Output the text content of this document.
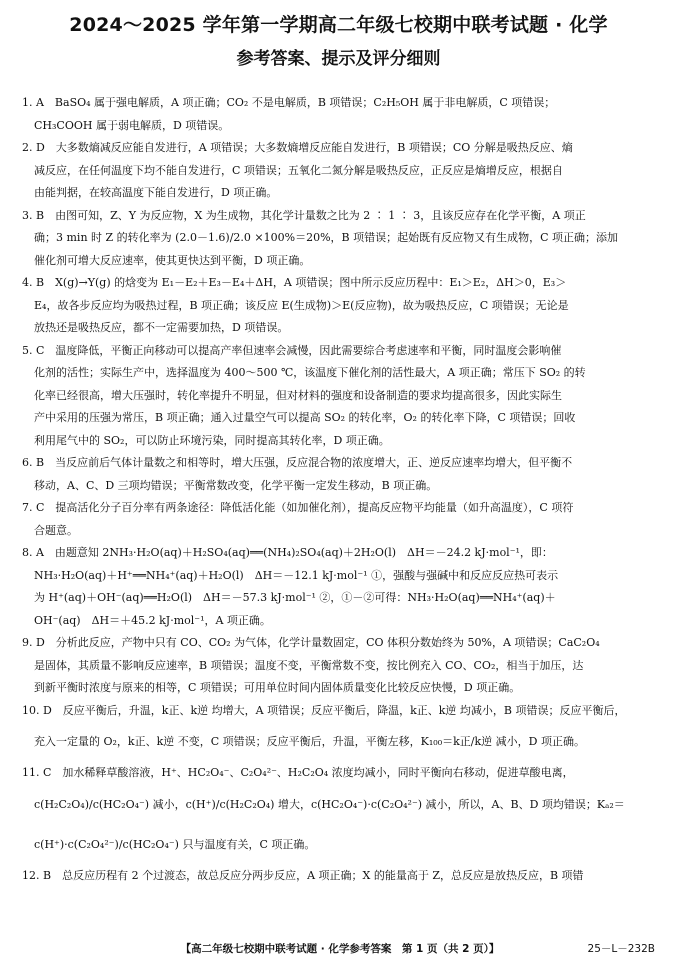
2024～2025 学年第一学期高二年级七校期中联考试题 · 化学
参考答案、提示及评分细则
1. A　BaSO₄ 属于强电解质，A 项正确；CO₂ 不是电解质，B 项错误；C₂H₅OH 属于非电解质，C 项错误；
CH₃COOH 属于弱电解质，D 项错误。
2. D　大多数熵减反应能自发进行，A 项错误；大多数熵增反应能自发进行，B 项错误；CO 分解是吸热反应、熵
减反应，在任何温度下均不能自发进行，C 项错误；五氧化二氮分解是吸热反应，正反应是熵增反应，根据自
由能判据，在较高温度下能自发进行，D 项正确。
3. B　由图可知，Z、Y 为反应物，X 为生成物，其化学计量数之比为 2 ∶ 1 ∶ 3，且该反应存在化学平衡，A 项正
确；3 min 时 Z 的转化率为 (2.0－1.6)/2.0 ×100%＝20%，B 项错误；起始既有反应物又有生成物，C 项正确；添加
催化剂可增大反应速率，使其更快达到平衡，D 项正确。
4. B　X(g)→Y(g) 的焓变为 E₁－E₂＋E₃－E₄＋ΔH，A 项错误；图中所示反应历程中：E₁＞E₂，ΔH＞0，E₃＞
E₄，故各步反应均为吸热过程，B 项正确；该反应 E(生成物)＞E(反应物)，故为吸热反应，C 项错误；无论是
放热还是吸热反应，都不一定需要加热，D 项错误。
5. C　温度降低，平衡正向移动可以提高产率但速率会减慢，因此需要综合考虑速率和平衡，同时温度会影响催
化剂的活性；实际生产中，选择温度为 400～500 ℃，该温度下催化剂的活性最大，A 项正确；常压下 SO₂ 的转
化率已经很高，增大压强时，转化率提升不明显，但对材料的强度和设备制造的要求均提高很多，因此实际生
产中采用的压强为常压，B 项正确；通入过量空气可以提高 SO₂ 的转化率，O₂ 的转化率下降，C 项错误；回收
利用尾气中的 SO₂，可以防止环境污染，同时提高其转化率，D 项正确。
6. B　当反应前后气体计量数之和相等时，增大压强，反应混合物的浓度增大，正、逆反应速率均增大，但平衡不
移动，A、C、D 三项均错误；平衡常数改变，化学平衡一定发生移动，B 项正确。
7. C　提高活化分子百分率有两条途径：降低活化能（如加催化剂），提高反应物平均能量（如升高温度），C 项符
合题意。
8. A　由题意知 2NH₃·H₂O(aq)＋H₂SO₄(aq)══(NH₄)₂SO₄(aq)＋2H₂O(l)　ΔH＝－24.2 kJ·mol⁻¹，即：
NH₃·H₂O(aq)＋H⁺══NH₄⁺(aq)＋H₂O(l)　ΔH＝－12.1 kJ·mol⁻¹ ①，强酸与强碱中和反应反应热可表示
为 H⁺(aq)＋OH⁻(aq)══H₂O(l)　ΔH＝－57.3 kJ·mol⁻¹ ②，①－②可得：NH₃·H₂O(aq)══NH₄⁺(aq)＋
OH⁻(aq)　ΔH＝＋45.2 kJ·mol⁻¹，A 项正确。
9. D　分析此反应，产物中只有 CO、CO₂ 为气体，化学计量数固定，CO 体积分数始终为 50%，A 项错误；CaC₂O₄
是固体，其质量不影响反应速率，B 项错误；温度不变，平衡常数不变，按比例充入 CO、CO₂，相当于加压，达
到新平衡时浓度与原来的相等，C 项错误；可用单位时间内固体质量变化比较反应快慢，D 项正确。
10. D　反应平衡后，升温，k正、k逆 均增大，A 项错误；反应平衡后，降温，k正、k逆 均减小，B 项错误；反应平衡后，
充入一定量的 O₂，k正、k逆 不变，C 项错误；反应平衡后，升温，平衡左移，K₁₀₀＝k正/k逆 减小，D 项正确。
11. C　加水稀释草酸溶液，H⁺、HC₂O₄⁻、C₂O₄²⁻、H₂C₂O₄ 浓度均减小，同时平衡向右移动，促进草酸电离，
c(H₂C₂O₄)/c(HC₂O₄⁻) 减小，c(H⁺)/c(H₂C₂O₄) 增大，c(HC₂O₄⁻)·c(C₂O₄²⁻) 减小，所以，A、B、D 项均错误；Kₐ₂＝
c(H⁺)·c(C₂O₄²⁻)/c(HC₂O₄⁻) 只与温度有关，C 项正确。
12. B　总反应历程有 2 个过渡态，故总反应分两步反应，A 项正确；X 的能量高于 Z，总反应是放热反应，B 项错
【高二年级七校期中联考试题 · 化学参考答案　第 1 页（共 2 页）】	25－L－232B
